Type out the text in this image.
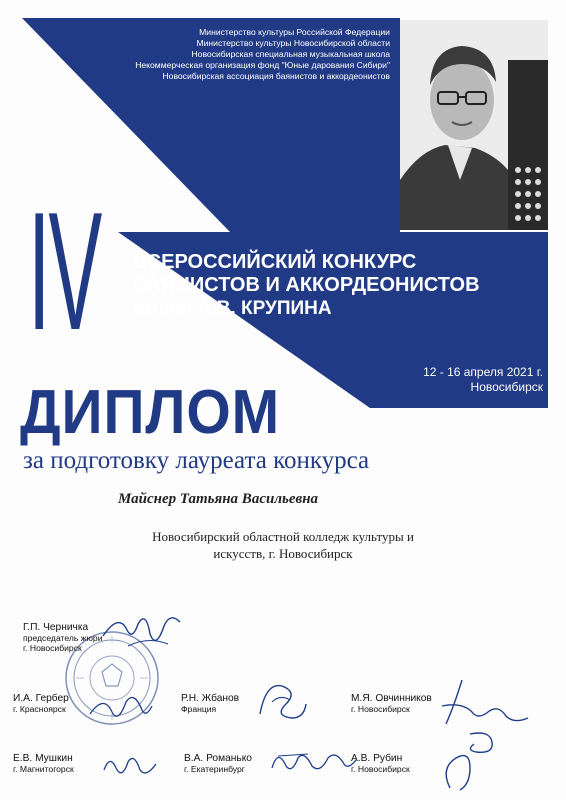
Министерство культуры Российской Федерации
Министерство культуры Новосибирской области
Новосибирская специальная музыкальная школа
Некоммерческая организация фонд "Юные дарования Сибири"
Новосибирская ассоциация баянистов и аккордеонистов
IV ВСЕРОССИЙСКИЙ КОНКУРС
БАЯНИСТОВ И АККОРДЕОНИСТОВ
имени А.В. КРУПИНА
12 - 16 апреля 2021 г.
Новосибирск
ДИПЛОМ
за подготовку лауреата конкурса
Майснер Татьяна Васильевна
Новосибирский областной колледж культуры и
искусств, г. Новосибирск
Г.П. Черничка
председатель жюри
г. Новосибирск
И.А. Гербер
г. Красноярск
Р.Н. Жбанов
Франция
М.Я. Овчинников
г. Новосибирск
Е.В. Мушкин
г. Магнитогорск
В.А. Романько
г. Екатеринбург
А.В. Рубин
г. Новосибирск
